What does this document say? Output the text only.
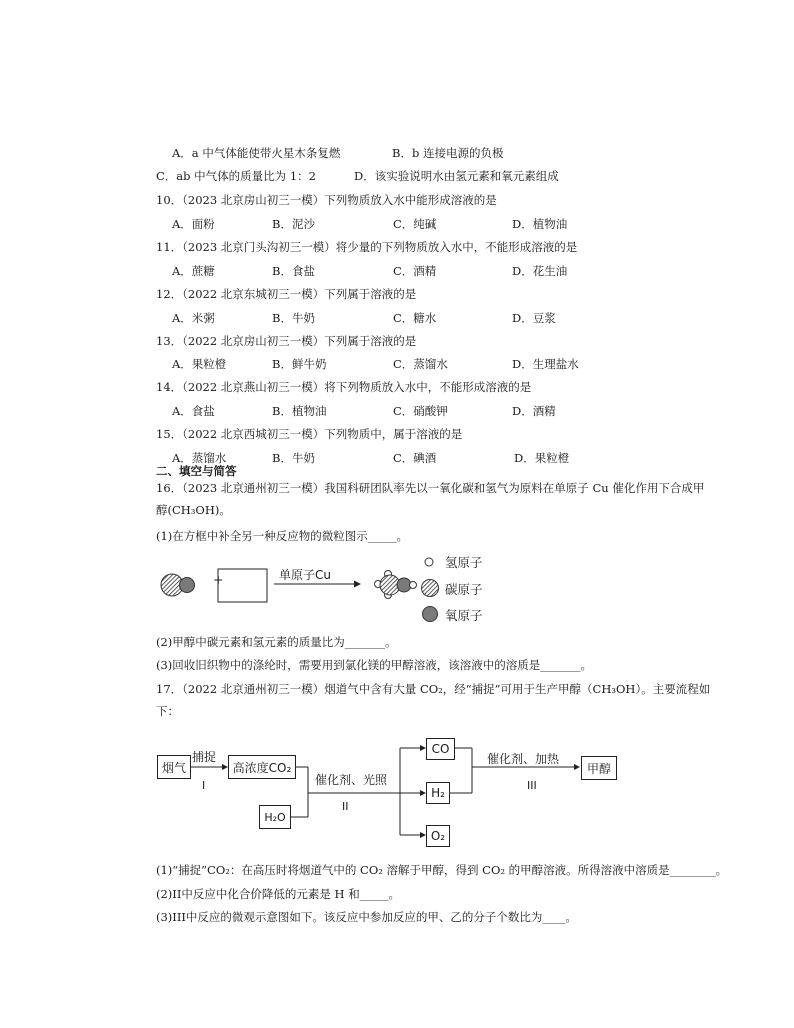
A．a 中气体能使带火星木条复燃	B．b 连接电源的负极
C．ab 中气体的质量比为 1：2	D．该实验说明水由氢元素和氧元素组成
10．（2023 北京房山初三一模）下列物质放入水中能形成溶液的是
A．面粉	B．泥沙	C．纯碱	D．植物油
11．（2023 北京门头沟初三一模）将少量的下列物质放入水中，不能形成溶液的是
A．蔗糖	B．食盐	C．酒精	D．花生油
12．（2022 北京东城初三一模）下列属于溶液的是
A．米粥	B．牛奶	C．糖水	D．豆浆
13．（2022 北京房山初三一模）下列属于溶液的是
A．果粒橙	B．鲜牛奶	C．蒸馏水	D．生理盐水
14．（2022 北京燕山初三一模）将下列物质放入水中，不能形成溶液的是
A．食盐	B．植物油	C．硝酸钾	D．酒精
15．（2022 北京西城初三一模）下列物质中，属于溶液的是
A．蒸馏水	B．牛奶	C．碘酒	D．果粒橙
二、填空与简答
16．（2023 北京通州初三一模）我国科研团队率先以一氧化碳和氢气为原料在单原子 Cu 催化作用下合成甲
醇(CH₃OH)。
(1)在方框中补全另一种反应物的微粒图示_____。
+	单原子Cu
氢原子
碳原子
氧原子
(2)甲醇中碳元素和氢元素的质量比为_______。
(3)回收旧织物中的涤纶时，需要用到氯化镁的甲醇溶液，该溶液中的溶质是_______。
17．（2022 北京通州初三一模）烟道气中含有大量 CO₂，经“捕捉”可用于生产甲醇（CH₃OH）。主要流程如
下：
烟气
捕捉
I
高浓度CO₂
H₂O
催化剂、光照
II
CO
H₂
O₂
催化剂、加热
III
甲醇
(1)“捕捉”CO₂：在高压时将烟道气中的 CO₂ 溶解于甲醇，得到 CO₂ 的甲醇溶液。所得溶液中溶质是________。
(2)II中反应中化合价降低的元素是 H 和_____。
(3)III中反应的微观示意图如下。该反应中参加反应的甲、乙的分子个数比为____。
